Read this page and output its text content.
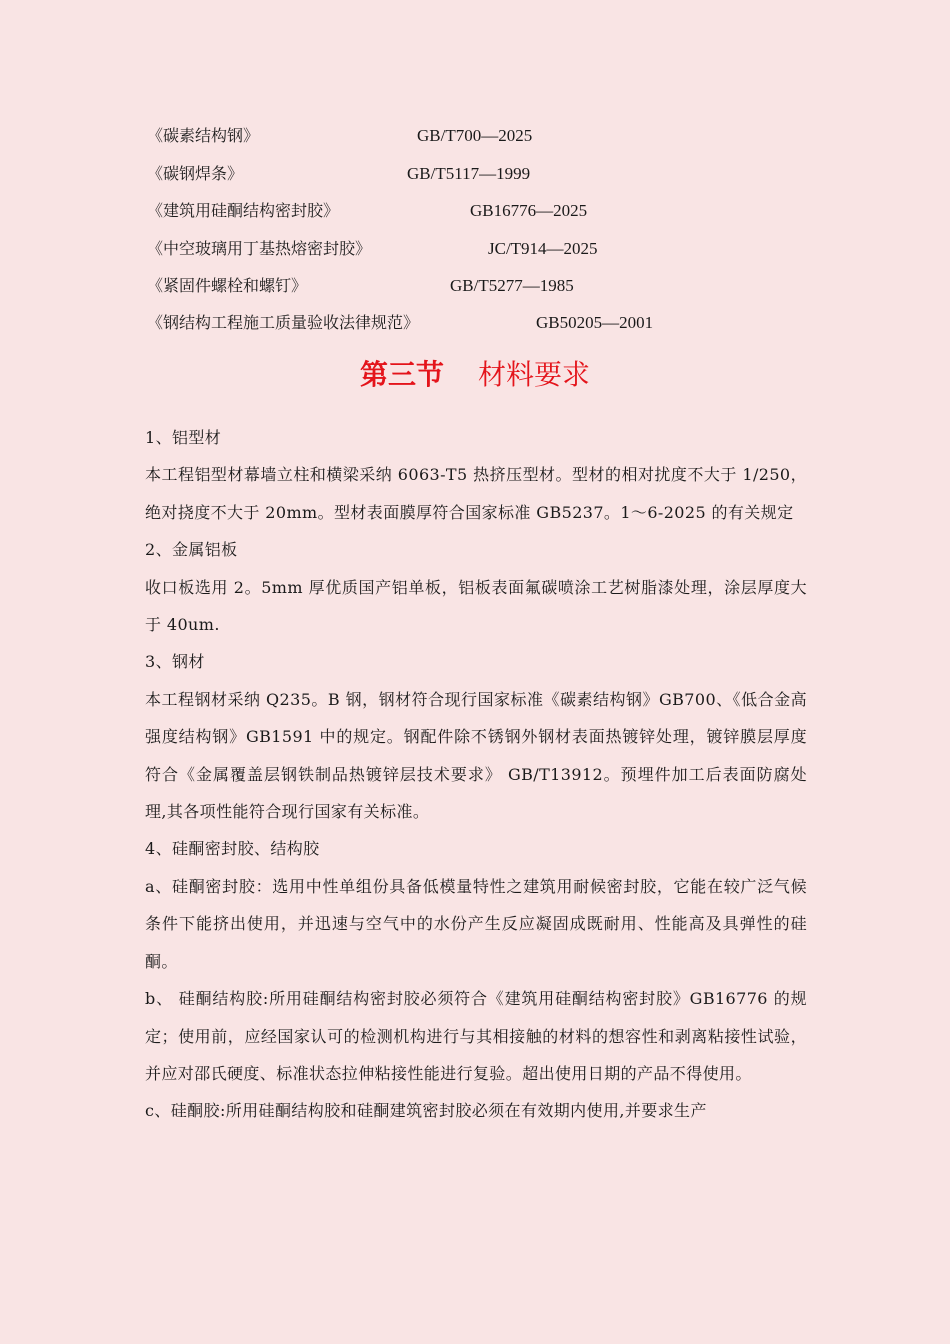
《碳素结构钢》	GB/T700—2025
《碳钢焊条》	GB/T5117—1999
《建筑用硅酮结构密封胶》	GB16776—2025
《中空玻璃用丁基热熔密封胶》	JC/T914—2025
《紧固件螺栓和螺钉》	GB/T5277—1985
《钢结构工程施工质量验收法律规范》	GB50205—2001
第三节 材料要求

1、铝型材

本工程铝型材幕墙立柱和横梁采纳 6063-T5 热挤压型材。型材的相对扰度不大于 1/250，绝对挠度不大于 20mm。型材表面膜厚符合国家标准 GB5237。1～6-2025 的有关规定

2、金属铝板

收口板选用 2。5mm 厚优质国产铝单板，铝板表面氟碳喷涂工艺树脂漆处理，涂层厚度大于 40um.

3、钢材

本工程钢材采纳 Q235。B 钢，钢材符合现行国家标准《碳素结构钢》GB700、《低合金高强度结构钢》GB1591 中的规定。钢配件除不锈钢外钢材表面热镀锌处理，镀锌膜层厚度符合《金属覆盖层钢铁制品热镀锌层技术要求》 GB/T13912。预埋件加工后表面防腐处理,其各项性能符合现行国家有关标准。

4、硅酮密封胶、结构胶

a、硅酮密封胶：选用中性单组份具备低模量特性之建筑用耐候密封胶，它能在较广泛气候条件下能挤出使用，并迅速与空气中的水份产生反应凝固成既耐用、性能高及具弹性的硅酮。

b、 硅酮结构胶:所用硅酮结构密封胶必须符合《建筑用硅酮结构密封胶》GB16776 的规定；使用前，应经国家认可的检测机构进行与其相接触的材料的想容性和剥离粘接性试验，并应对邵氏硬度、标准状态拉伸粘接性能进行复验。超出使用日期的产品不得使用。

c、硅酮胶:所用硅酮结构胶和硅酮建筑密封胶必须在有效期内使用,并要求生产
